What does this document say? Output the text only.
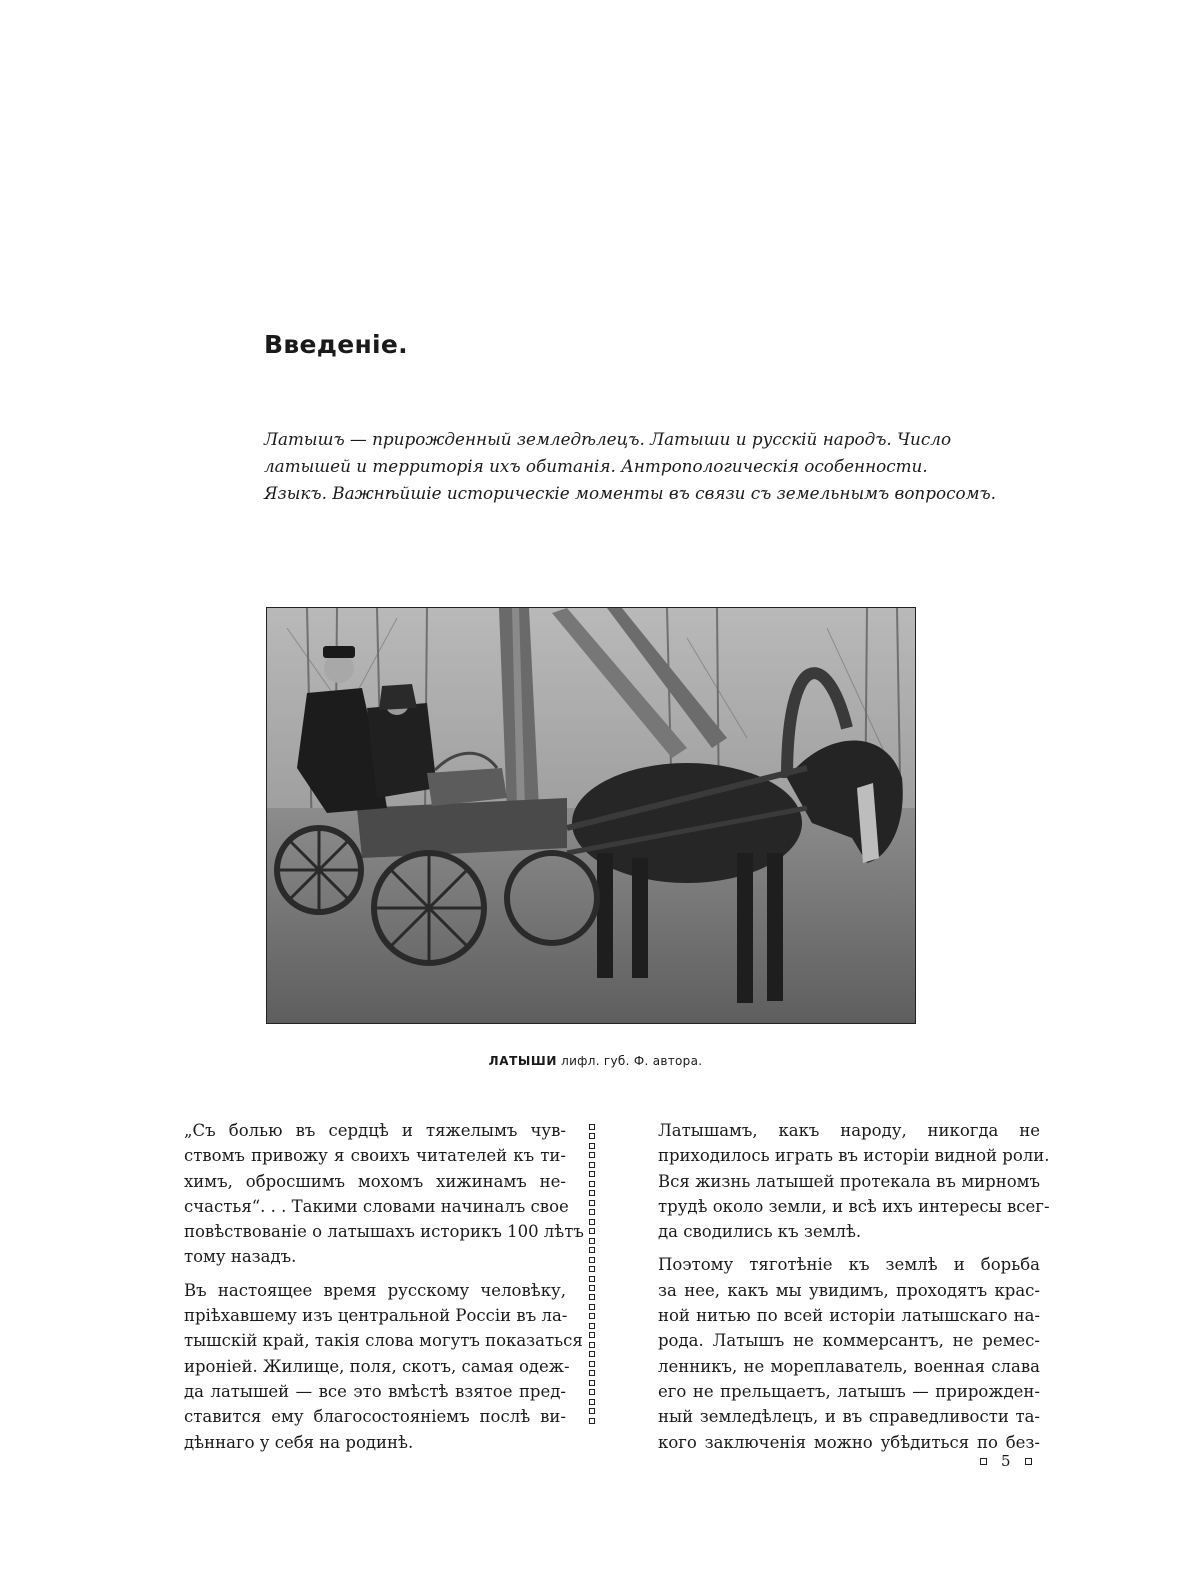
Введеніе.
Латышъ — прирожденный земледѣлецъ. Латыши и русскій народъ. Число
латышей и территорія ихъ обитанія. Антропологическія особенности.
Языкъ. Важнѣйшіе историческіе моменты въ связи съ земельнымъ вопросомъ.
ЛАТЫШИ лифл. губ. Ф. автора.

„Съ болью въ сердцѣ и тяжелымъ чув-
ствомъ привожу я своихъ читателей къ ти-
химъ, обросшимъ мохомъ хижинамъ не-
счастья“. . . Такими словами начиналъ свое
повѣствованіе о латышахъ историкъ 100 лѣтъ
тому назадъ.

Въ настоящее время русскому человѣку,
пріѣхавшему изъ центральной Россіи въ ла-
тышскій край, такія слова могутъ показаться
ироніей. Жилище, поля, скотъ, самая одеж-
да латышей — все это вмѣстѣ взятое пред-
ставится ему благосостояніемъ послѣ ви-
дѣннаго у себя на родинѣ.

Латышамъ, какъ народу, никогда не
приходилось играть въ исторіи видной роли.
Вся жизнь латышей протекала въ мирномъ
трудѣ около земли, и всѣ ихъ интересы всег-
да сводились къ землѣ.

Поэтому тяготѣніе къ землѣ и борьба
за нее, какъ мы увидимъ, проходятъ крас-
ной нитью по всей исторіи латышскаго на-
рода. Латышъ не коммерсантъ, не ремес-
ленникъ, не мореплаватель, военная слава
его не прельщаетъ, латышъ — прирожден-
ный земледѣлецъ, и въ справедливости та-
кого заключенія можно убѣдиться по без-

5
